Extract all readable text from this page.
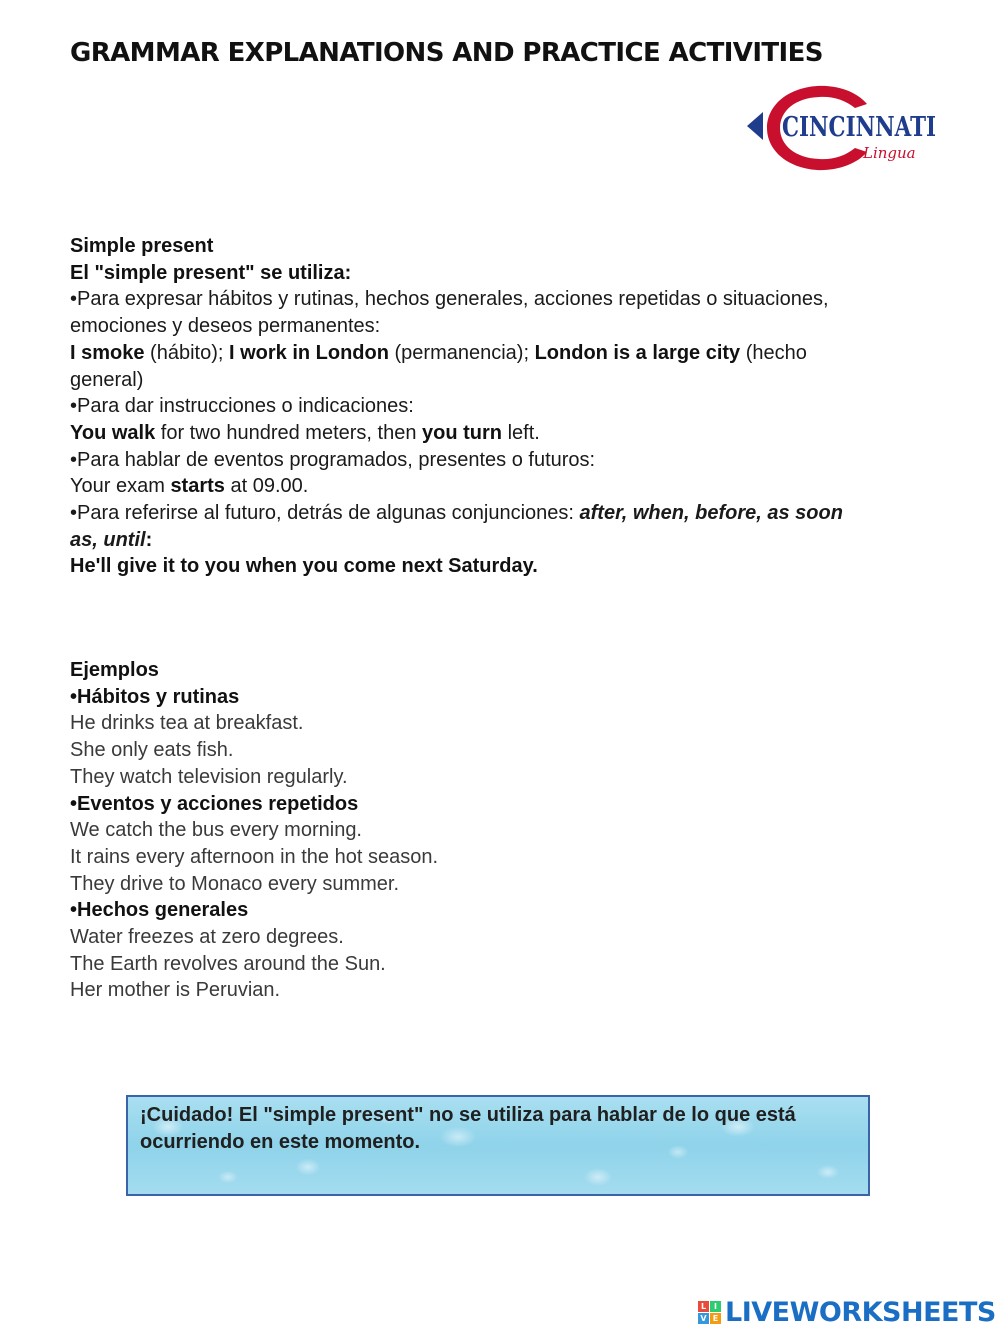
GRAMMAR EXPLANATIONS AND PRACTICE ACTIVITIES
CINCINNATI
Lingua

Simple present

El "simple present" se utiliza:

•Para expresar hábitos y rutinas, hechos generales, acciones repetidas o situaciones, emociones y deseos permanentes:

I smoke (hábito); I work in London (permanencia); London is a large city (hecho general)

•Para dar instrucciones o indicaciones:

You walk for two hundred meters, then you turn left.

•Para hablar de eventos programados, presentes o futuros:

Your exam starts at 09.00.

•Para referirse al futuro, detrás de algunas conjunciones: after, when, before, as soon as, until:

He'll give it to you when you come next Saturday.

Ejemplos

•Hábitos y rutinas

He drinks tea at breakfast.

She only eats fish.

They watch television regularly.

•Eventos y acciones repetidos

We catch the bus every morning.

It rains every afternoon in the hot season.

They drive to Monaco every summer.

•Hechos generales

Water freezes at zero degrees.

The Earth revolves around the Sun.

Her mother is Peruvian.

¡Cuidado! El "simple present" no se utiliza para hablar de lo que está ocurriendo en este momento.
L I
V E LIVEWORKSHEETS
